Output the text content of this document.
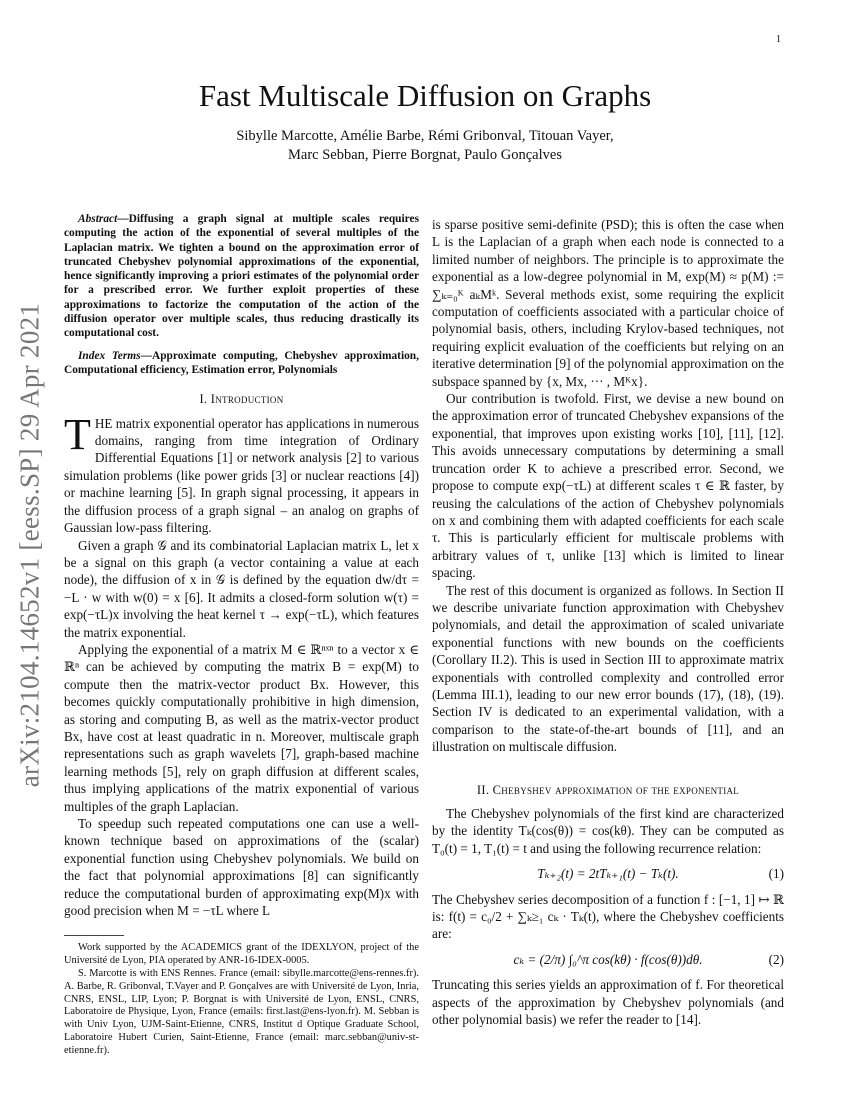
1
arXiv:2104.14652v1 [eess.SP] 29 Apr 2021
Fast Multiscale Diffusion on Graphs
Sibylle Marcotte, Amélie Barbe, Rémi Gribonval, Titouan Vayer,
Marc Sebban, Pierre Borgnat, Paulo Gonçalves

Abstract—Diffusing a graph signal at multiple scales requires computing the action of the exponential of several multiples of the Laplacian matrix. We tighten a bound on the approximation error of truncated Chebyshev polynomial approximations of the exponential, hence significantly improving a priori estimates of the polynomial order for a prescribed error. We further exploit properties of these approximations to factorize the computation of the action of the diffusion operator over multiple scales, thus reducing drastically its computational cost.

Index Terms—Approximate computing, Chebyshev approximation, Computational efficiency, Estimation error, Polynomials

I. Introduction

THE matrix exponential operator has applications in numerous domains, ranging from time integration of Ordinary Differential Equations [1] or network analysis [2] to various simulation problems (like power grids [3] or nuclear reactions [4]) or machine learning [5]. In graph signal processing, it appears in the diffusion process of a graph signal – an analog on graphs of Gaussian low-pass filtering.

Given a graph 𝒢 and its combinatorial Laplacian matrix L, let x be a signal on this graph (a vector containing a value at each node), the diffusion of x in 𝒢 is defined by the equation dw/dτ = −L · w with w(0) = x [6]. It admits a closed-form solution w(τ) = exp(−τL)x involving the heat kernel τ → exp(−τL), which features the matrix exponential.

Applying the exponential of a matrix M ∈ ℝⁿˣⁿ to a vector x ∈ ℝⁿ can be achieved by computing the matrix B = exp(M) to compute then the matrix-vector product Bx. However, this becomes quickly computationally prohibitive in high dimension, as storing and computing B, as well as the matrix-vector product Bx, have cost at least quadratic in n. Moreover, multiscale graph representations such as graph wavelets [7], graph-based machine learning methods [5], rely on graph diffusion at different scales, thus implying applications of the matrix exponential of various multiples of the graph Laplacian.

To speedup such repeated computations one can use a well-known technique based on approximations of the (scalar) exponential function using Chebyshev polynomials. We build on the fact that polynomial approximations [8] can significantly reduce the computational burden of approximating exp(M)x with good precision when M = −τL where L

Work supported by the ACADEMICS grant of the IDEXLYON, project of the Université de Lyon, PIA operated by ANR-16-IDEX-0005.

S. Marcotte is with ENS Rennes. France (email: sibylle.marcotte@ens-rennes.fr). A. Barbe, R. Gribonval, T.Vayer and P. Gonçalves are with Université de Lyon, Inria, CNRS, ENSL, LIP, Lyon; P. Borgnat is with Université de Lyon, ENSL, CNRS, Laboratoire de Physique, Lyon, France (emails: first.last@ens-lyon.fr). M. Sebban is with Univ Lyon, UJM-Saint-Etienne, CNRS, Institut d Optique Graduate School, Laboratoire Hubert Curien, Saint-Etienne, France (email: marc.sebban@univ-st-etienne.fr).

is sparse positive semi-definite (PSD); this is often the case when L is the Laplacian of a graph when each node is connected to a limited number of neighbors. The principle is to approximate the exponential as a low-degree polynomial in M, exp(M) ≈ p(M) := ∑ₖ₌₀ᴷ aₖMᵏ. Several methods exist, some requiring the explicit computation of coefficients associated with a particular choice of polynomial basis, others, including Krylov-based techniques, not requiring explicit evaluation of the coefficients but relying on an iterative determination [9] of the polynomial approximation on the subspace spanned by {x, Mx, ··· , Mᴷx}.

Our contribution is twofold. First, we devise a new bound on the approximation error of truncated Chebyshev expansions of the exponential, that improves upon existing works [10], [11], [12]. This avoids unnecessary computations by determining a small truncation order K to achieve a prescribed error. Second, we propose to compute exp(−τL) at different scales τ ∈ ℝ faster, by reusing the calculations of the action of Chebyshev polynomials on x and combining them with adapted coefficients for each scale τ. This is particularly efficient for multiscale problems with arbitrary values of τ, unlike [13] which is limited to linear spacing.

The rest of this document is organized as follows. In Section II we describe univariate function approximation with Chebyshev polynomials, and detail the approximation of scaled univariate exponential functions with new bounds on the coefficients (Corollary II.2). This is used in Section III to approximate matrix exponentials with controlled complexity and controlled error (Lemma III.1), leading to our new error bounds (17), (18), (19). Section IV is dedicated to an experimental validation, with a comparison to the state-of-the-art bounds of [11], and an illustration on multiscale diffusion.

II. Chebyshev approximation of the exponential

The Chebyshev polynomials of the first kind are characterized by the identity Tₖ(cos(θ)) = cos(kθ). They can be computed as T₀(t) = 1, T₁(t) = t and using the following recurrence relation:

Tₖ₊₂(t) = 2tTₖ₊₁(t) − Tₖ(t).	(1)

The Chebyshev series decomposition of a function f : [−1, 1] ↦ ℝ is: f(t) = c₀/2 + ∑ₖ≥₁ cₖ · Tₖ(t), where the Chebyshev coefficients are:

cₖ = (2/π) ∫₀^π cos(kθ) · f(cos(θ))dθ.	(2)

Truncating this series yields an approximation of f. For theoretical aspects of the approximation by Chebyshev polynomials (and other polynomial basis) we refer the reader to [14].
